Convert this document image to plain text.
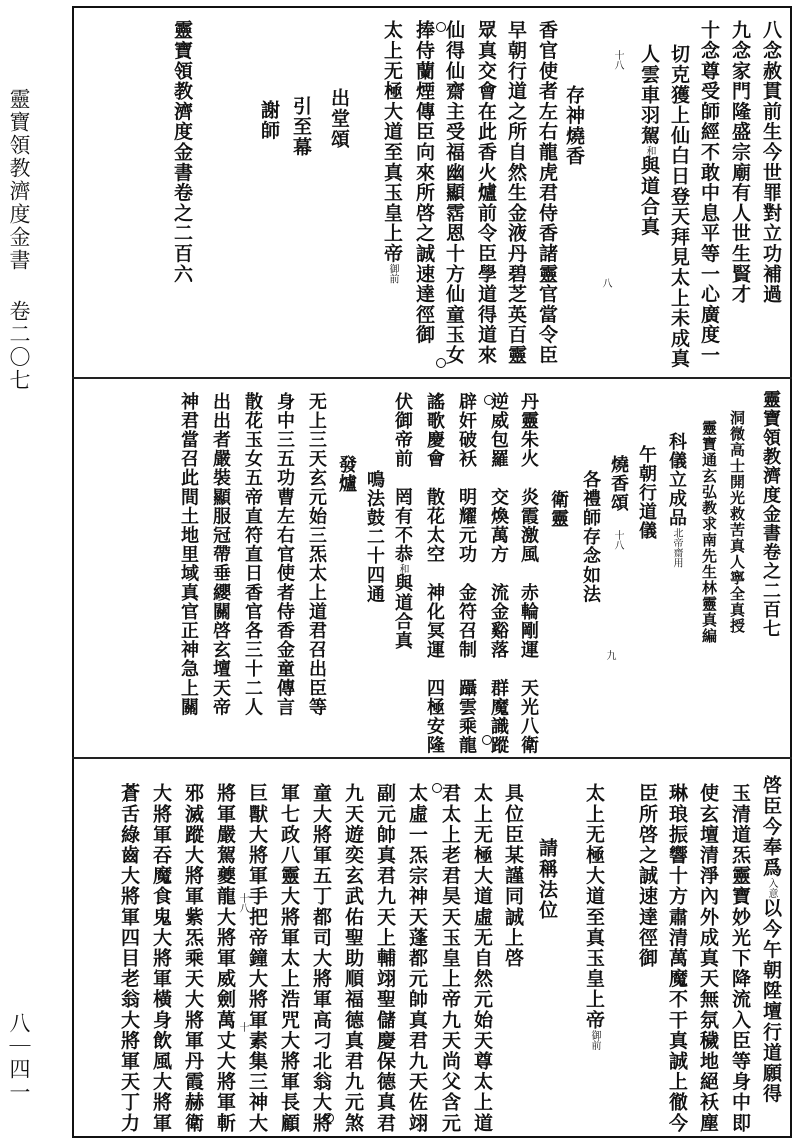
靈寶領教濟度金書
卷二〇七
八｜四一
八念赦貫前生今世罪對立功補過
九念家門隆盛宗廟有人世生賢才
十念尊受師經不敢中息平等一心廣度一
切克獲上仙白日登天拜見太上未成真
人雲車羽駕和與道合真
存神燒香
香官使者左右龍虎君侍香諸靈官當令臣
早朝行道之所自然生金液丹碧芝英百靈
眾真交會在此香火爐前令臣學道得道來
仙得仙齋主受福幽顯霑恩十方仙童玉女
捧侍蘭煙傳臣向來所啓之誠速達徑御
太上无極大道至真玉皇上帝御前
出堂頌
引至幕
謝師
靈寶領教濟度金書卷之二百六	十八
八
靈寶領教濟度金書卷之二百七
洞微高士開光救苦真人寧全真授
靈寶通玄弘教求南先生林靈真編
科儀立成品北帝齋用
午朝行道儀
燒香頌
各禮師存念如法
衛靈
丹靈朱火　炎霞激風　赤輪剛運　天光八衛
逆威包羅　交煥萬方　流金谿落　群魔識蹤
辟奸破袄　明耀元功　金符召制　躡雲乘龍
謠歌慶會　散花太空　神化冥運　四極安隆
伏御帝前　罔有不恭和與道合真
鳴法鼓二十四通
發爐
无上三天玄元始三炁太上道君召出臣等
身中三五功曹左右官使者侍香金童傳言
散花玉女五帝直符直日香官各三十二人
出出者嚴裝顯服冠帶垂纓關啓玄壇天帝
神君當召此間土地里域真官正神急上關	十八
九
啓臣今奉爲入意以今午朝陞壇行道願得
玉清道炁靈寶妙光下降流入臣等身中即
使玄壇清淨內外成真天無氛穢地絕袄塵
琳琅振響十方肅清萬魔不干真誠上徹今
臣所啓之誠速達徑御
太上无極大道至真玉皇上帝御前
請稱法位
具位臣某謹同誠上啓
太上无極大道虛无自然元始天尊太上道
君太上老君昊天玉皇上帝九天尚父含元
太虛一炁宗神天蓬都元帥真君九天佐翊
副元帥真君九天上輔翊聖儲慶保德真君
九天遊奕玄武佑聖助順福德真君九元煞
童大將軍五丁都司大將軍高刁北翁大將
軍七政八靈大將軍太上浩咒大將軍長顧
巨獸大將軍手把帝鐘大將軍素集三神大
將軍嚴駕夔龍大將軍威劍萬丈大將軍斬
邪滅蹤大將軍紫炁乘天大將軍丹霞赫衛
大將軍吞魔食鬼大將軍橫身飲風大將軍
蒼舌綠齒大將軍四目老翁大將軍天丁力	十八
十
